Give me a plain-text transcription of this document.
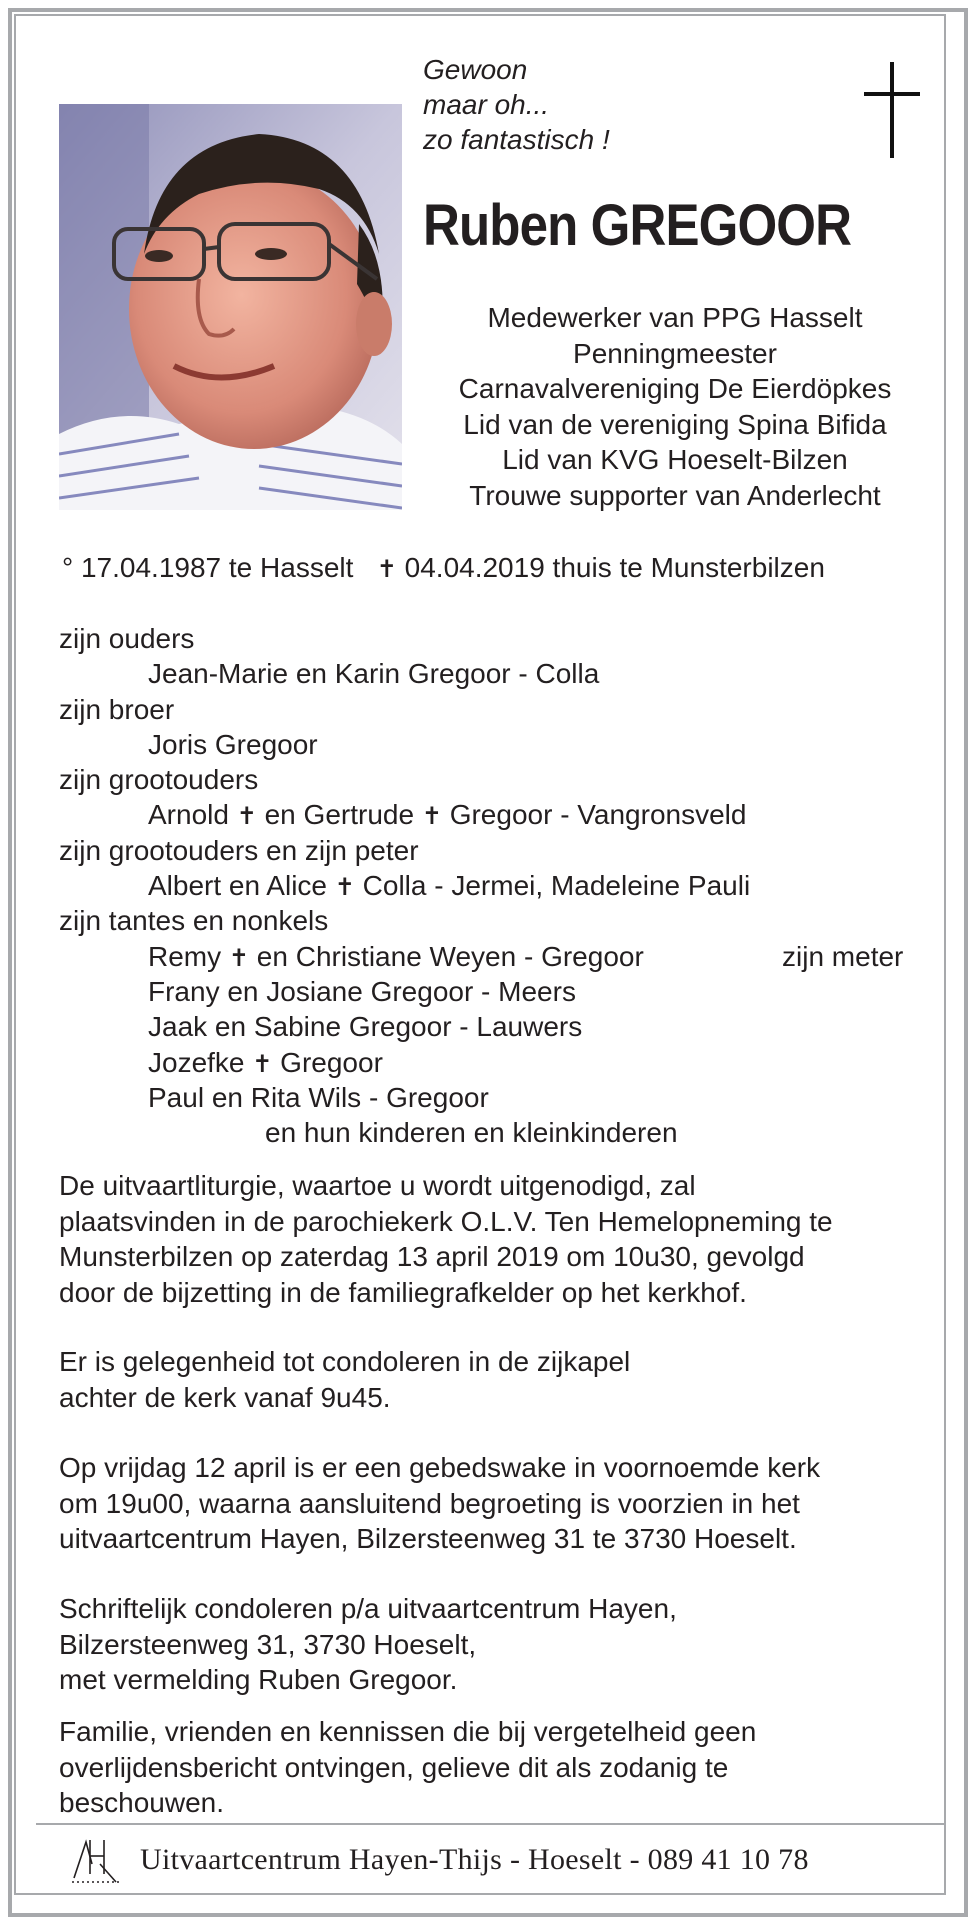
Gewoon
maar oh...
zo fantastisch !
Ruben GREGOOR
Medewerker van PPG Hasselt
Penningmeester
Carnavalvereniging De Eierdöpkes
Lid van de vereniging Spina Bifida
Lid van KVG Hoeselt-Bilzen
Trouwe supporter van Anderlecht
° 17.04.1987 te Hasselt ✝ 04.04.2019 thuis te Munsterbilzen
zijn ouders
Jean-Marie en Karin Gregoor - Colla
zijn broer
Joris Gregoor
zijn grootouders
Arnold ✝ en Gertrude ✝ Gregoor - Vangronsveld
zijn grootouders en zijn peter
Albert en Alice ✝ Colla - Jermei, Madeleine Pauli
zijn tantes en nonkels
Remy ✝ en Christiane Weyen - Gregoor	zijn meter
Frany en Josiane Gregoor - Meers
Jaak en Sabine Gregoor - Lauwers
Jozefke ✝ Gregoor
Paul en Rita Wils - Gregoor
en hun kinderen en kleinkinderen
De uitvaartliturgie, waartoe u wordt uitgenodigd, zal
plaatsvinden in de parochiekerk O.L.V. Ten Hemelopneming te
Munsterbilzen op zaterdag 13 april 2019 om 10u30, gevolgd
door de bijzetting in de familiegrafkelder op het kerkhof.
Er is gelegenheid tot condoleren in de zijkapel
achter de kerk vanaf 9u45.
Op vrijdag 12 april is er een gebedswake in voornoemde kerk
om 19u00, waarna aansluitend begroeting is voorzien in het
uitvaartcentrum Hayen, Bilzersteenweg 31 te 3730 Hoeselt.
Schriftelijk condoleren p/a uitvaartcentrum Hayen,
Bilzersteenweg 31, 3730 Hoeselt,
met vermelding Ruben Gregoor.
Familie, vrienden en kennissen die bij vergetelheid geen
overlijdensbericht ontvingen, gelieve dit als zodanig te
beschouwen.
Uitvaartcentrum Hayen-Thijs - Hoeselt - 089 41 10 78
